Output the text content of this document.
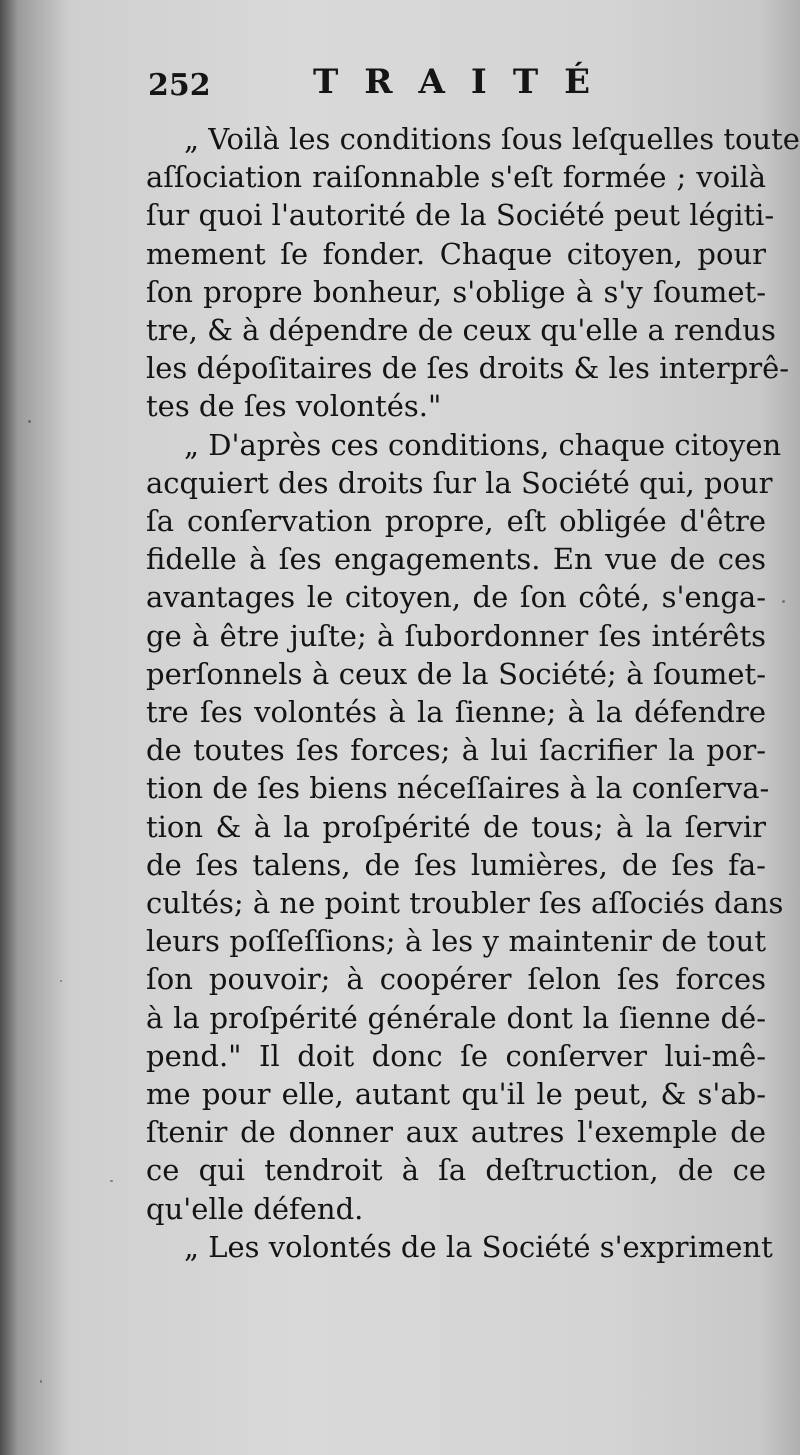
252	TRAITÉ
„ Voilà les conditions ſous leſquelles toute
aſſociation raiſonnable s'eſt formée ; voilà
ſur quoi l'autorité de la Société peut légiti-
mement ſe fonder. Chaque citoyen, pour
ſon propre bonheur, s'oblige à s'y ſoumet-
tre, & à dépendre de ceux qu'elle a rendus
les dépoſitaires de ſes droits & les interprê-
tes de ſes volontés."
„ D'après ces conditions, chaque citoyen
acquiert des droits ſur la Société qui, pour
ſa conſervation propre, eſt obligée d'être
fidelle à ſes engagements. En vue de ces
avantages le citoyen, de ſon côté, s'enga-
ge à être juſte; à ſubordonner ſes intérêts
perſonnels à ceux de la Société; à ſoumet-
tre ſes volontés à la ſienne; à la défendre
de toutes ſes forces; à lui ſacrifier la por-
tion de ſes biens néceſſaires à la conſerva-
tion & à la proſpérité de tous; à la ſervir
de ſes talens, de ſes lumières, de ſes fa-
cultés; à ne point troubler ſes aſſociés dans
leurs poſſeſſions; à les y maintenir de tout
ſon pouvoir; à coopérer ſelon ſes forces
à la proſpérité générale dont la ſienne dé-
pend." Il doit donc ſe conſerver lui-mê-
me pour elle, autant qu'il le peut, & s'ab-
ſtenir de donner aux autres l'exemple de
ce qui tendroit à ſa deſtruction, de ce
qu'elle défend.
„ Les volontés de la Société s'expriment
